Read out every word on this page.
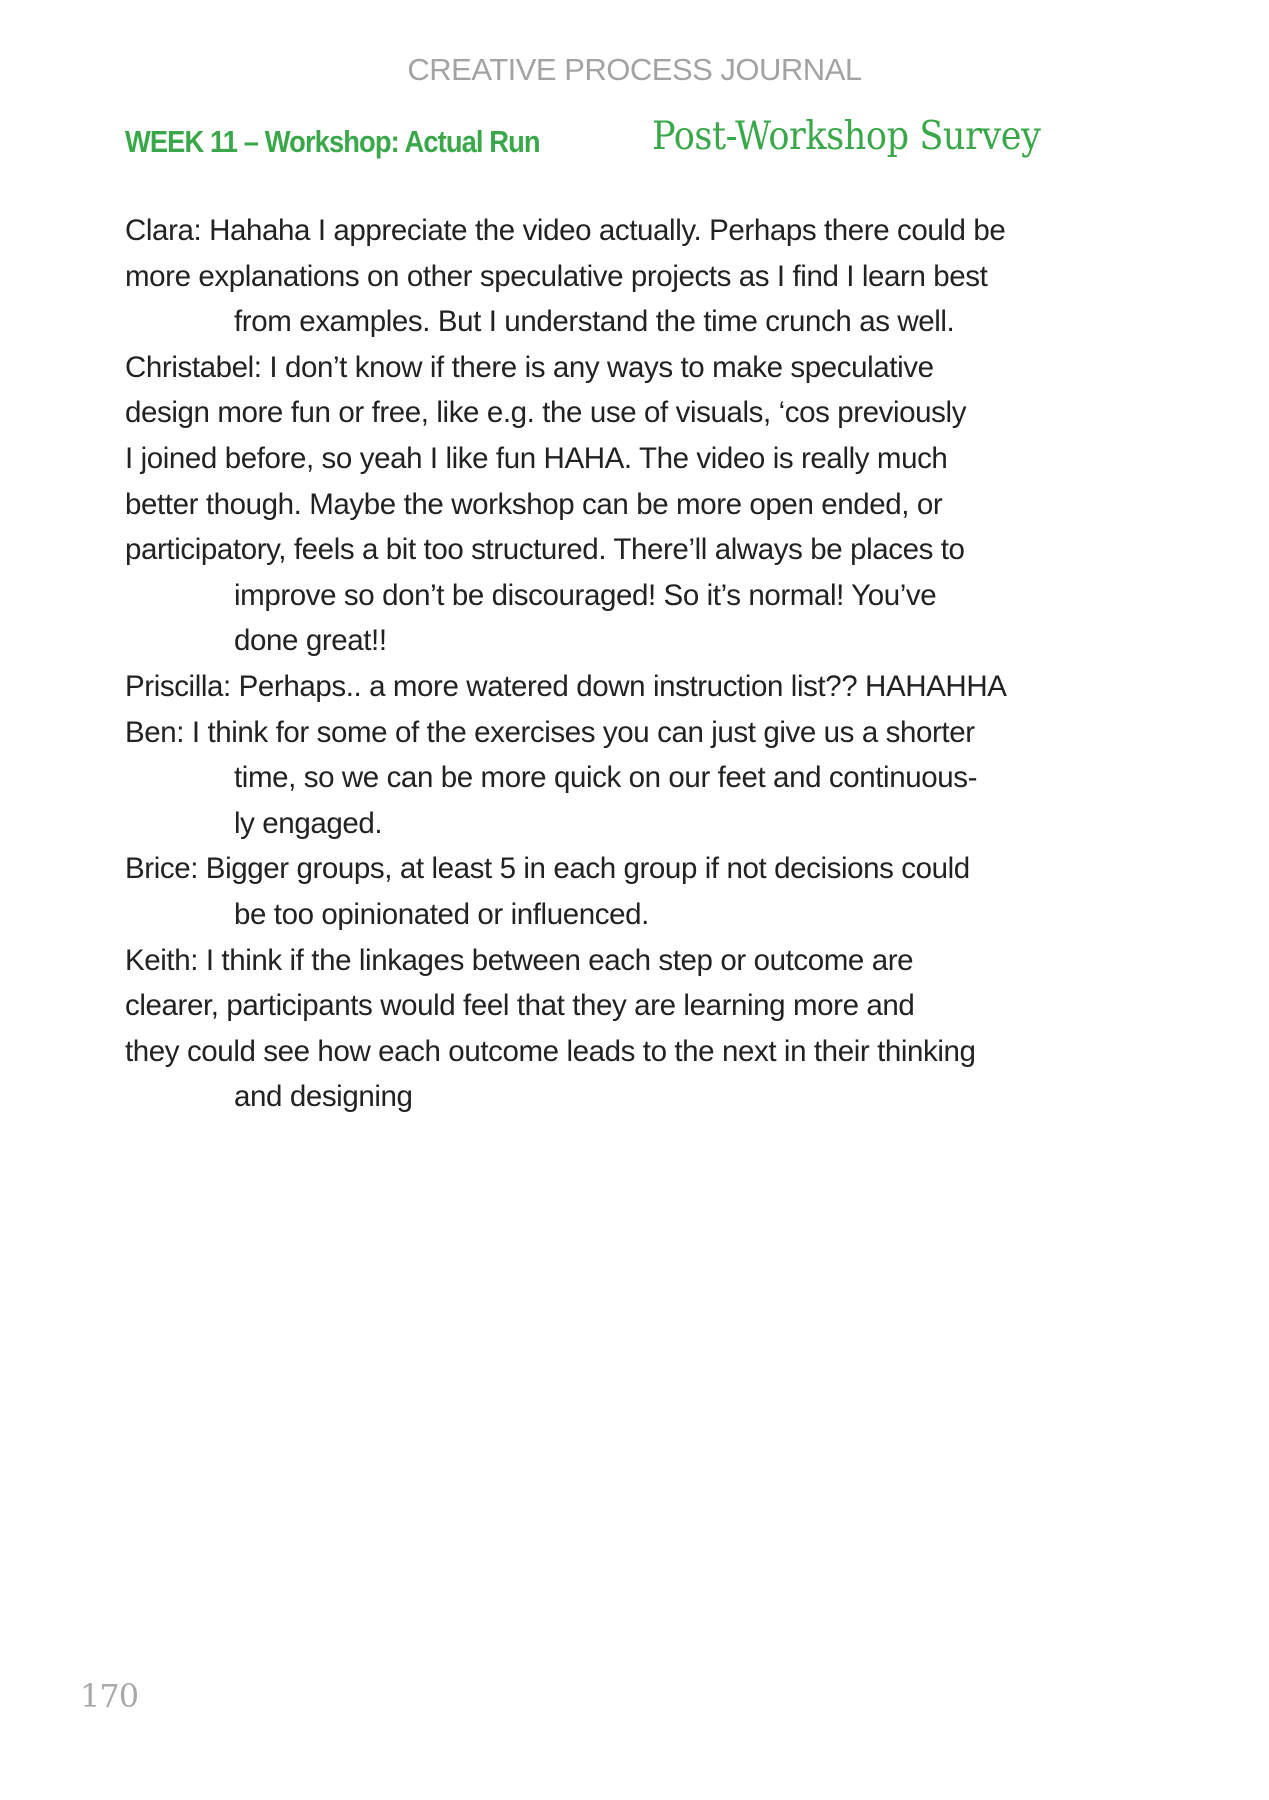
CREATIVE PROCESS JOURNAL
WEEK 11 – Workshop: Actual Run	Post-Workshop Survey
Clara: Hahaha I appreciate the video actually. Perhaps there could be
more explanations on other speculative projects as I find I learn best
from examples. But I understand the time crunch as well.
Christabel: I don’t know if there is any ways to make speculative
design more fun or free, like e.g. the use of visuals, ‘cos previously
I joined before, so yeah I like fun HAHA. The video is really much
better though. Maybe the workshop can be more open ended, or
participatory, feels a bit too structured. There’ll always be places to
improve so don’t be discouraged! So it’s normal! You’ve
done great!!
Priscilla: Perhaps.. a more watered down instruction list?? HAHAHHA
Ben: I think for some of the exercises you can just give us a shorter
time, so we can be more quick on our feet and continuous-
ly engaged.
Brice: Bigger groups, at least 5 in each group if not decisions could
be too opinionated or influenced.
Keith: I think if the linkages between each step or outcome are
clearer, participants would feel that they are learning more and
they could see how each outcome leads to the next in their thinking
and designing
170
